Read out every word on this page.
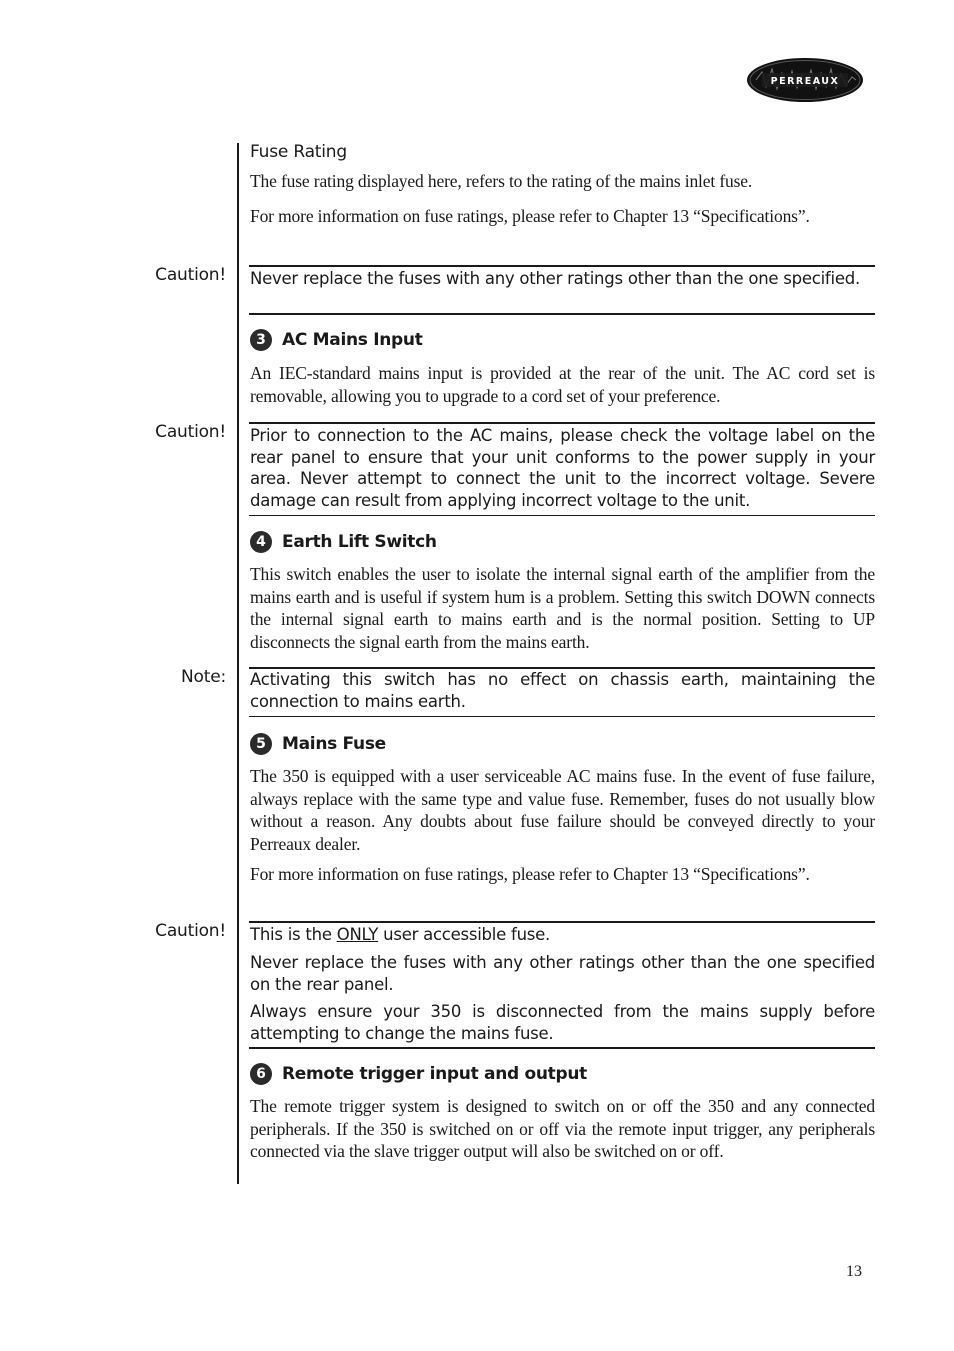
PERREAUX
Fuse Rating
The fuse rating displayed here, refers to the rating of the mains inlet fuse.
For more information on fuse ratings, please refer to Chapter 13 “Specifications”.
Caution! Never replace the fuses with any other ratings other than the one specified.
3 AC Mains Input
An IEC-standard mains input is provided at the rear of the unit. The AC cord set is removable, allowing you to upgrade to a cord set of your preference.
Caution! Prior to connection to the AC mains, please check the voltage label on the rear panel to ensure that your unit conforms to the power supply in your area. Never attempt to connect the unit to the incorrect voltage. Severe damage can result from applying incorrect voltage to the unit.
4 Earth Lift Switch
This switch enables the user to isolate the internal signal earth of the amplifier from the mains earth and is useful if system hum is a problem. Setting this switch DOWN connects the internal signal earth to mains earth and is the normal position. Setting to UP disconnects the signal earth from the mains earth.
Note: Activating this switch has no effect on chassis earth, maintaining the connection to mains earth.
5 Mains Fuse
The 350 is equipped with a user serviceable AC mains fuse. In the event of fuse failure, always replace with the same type and value fuse. Remember, fuses do not usually blow without a reason. Any doubts about fuse failure should be conveyed directly to your Perreaux dealer.
For more information on fuse ratings, please refer to Chapter 13 “Specifications”.
Caution! This is the ONLY user accessible fuse.
Never replace the fuses with any other ratings other than the one specified on the rear panel.
Always ensure your 350 is disconnected from the mains supply before attempting to change the mains fuse.
6 Remote trigger input and output
The remote trigger system is designed to switch on or off the 350 and any connected peripherals. If the 350 is switched on or off via the remote input trigger, any peripherals connected via the slave trigger output will also be switched on or off.
13
